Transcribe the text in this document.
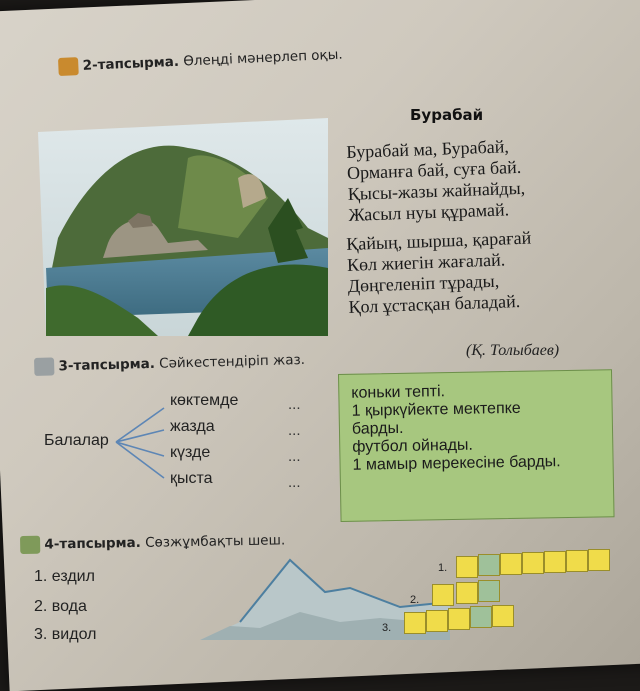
2-тапсырма. Өлеңді мәнерлеп оқы.
Бурабай
Бурабай ма, Бурабай,
Орманға бай, суға бай.
Қысы-жазы жайнайды,
Жасыл нуы құрамай.
Қайың, шырша, қарағай
Көл жиегін жағалай.
Дөңгеленіп тұрады,
Қол ұстасқан баладай.
(Қ. Толыбаев)
3-тапсырма. Сәйкестендіріп жаз.
Балалар
көктемде
жазда
күзде
қыста
...
...
...
...
коньки тепті.
1 қыркүйекте мектепке
барды.
футбол ойнады.
1 мамыр мерекесіне барды.
4-тапсырма. Сөзжұмбақты шеш.
1. ездил
2. вода
3. видол
1.
2.
3.
